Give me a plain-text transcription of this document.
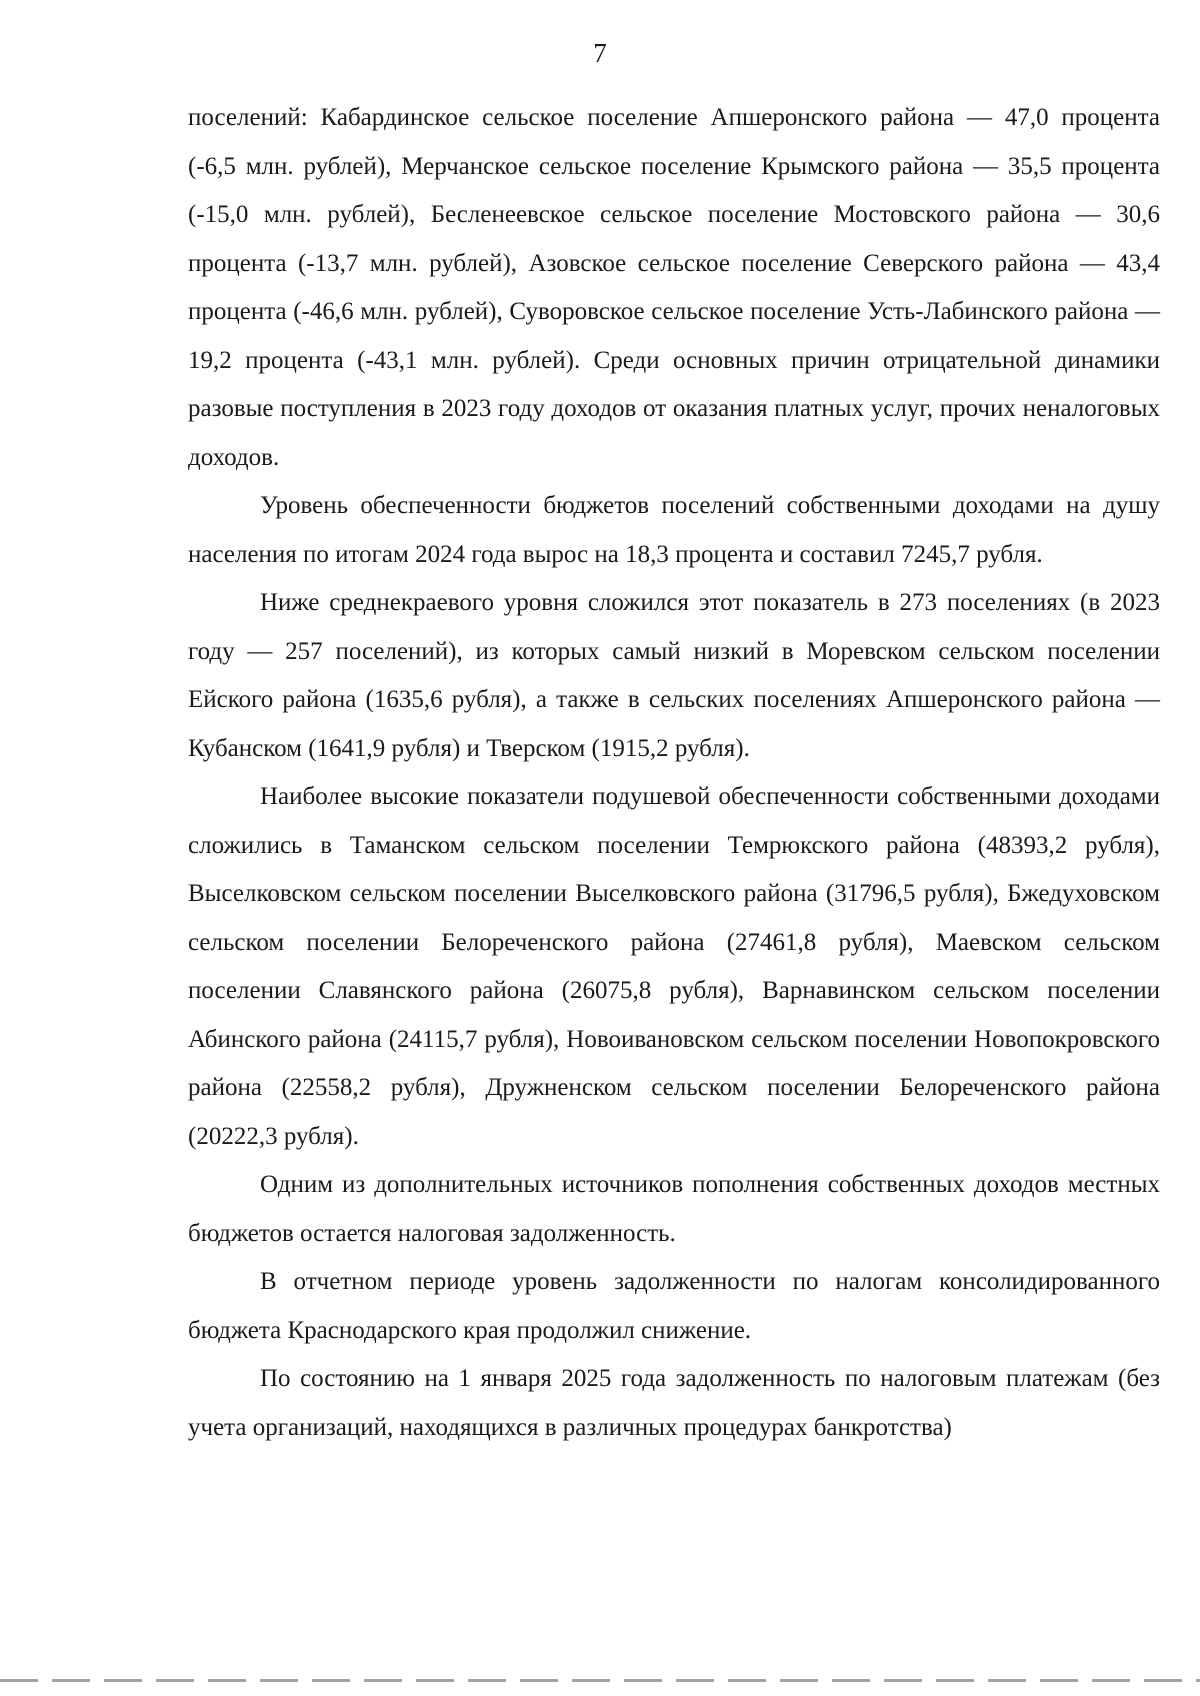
7

поселений: Кабардинское сельское поселение Апшеронского района — 47,0 процента (-6,5 млн. рублей), Мерчанское сельское поселение Крымского района — 35,5 процента (-15,0 млн. рублей), Бесленеевское сельское поселение Мостовского района — 30,6 процента (-13,7 млн. рублей), Азовское сельское поселение Северского района — 43,4 процента (-46,6 млн. рублей), Суворовское сельское поселение Усть-Лабинского района — 19,2 процента (-43,1 млн. рублей). Среди основных причин отрицательной динамики разовые поступления в 2023 году доходов от оказания платных услуг, прочих неналоговых доходов.

Уровень обеспеченности бюджетов поселений собственными доходами на душу населения по итогам 2024 года вырос на 18,3 процента и составил 7245,7 рубля.

Ниже среднекраевого уровня сложился этот показатель в 273 поселениях (в 2023 году — 257 поселений), из которых самый низкий в Моревском сельском поселении Ейского района (1635,6 рубля), а также в сельских поселениях Апшеронского района — Кубанском (1641,9 рубля) и Тверском (1915,2 рубля).

Наиболее высокие показатели подушевой обеспеченности собственными доходами сложились в Таманском сельском поселении Темрюкского района (48393,2 рубля), Выселковском сельском поселении Выселковского района (31796,5 рубля), Бжедуховском сельском поселении Белореченского района (27461,8 рубля), Маевском сельском поселении Славянского района (26075,8 рубля), Варнавинском сельском поселении Абинского района (24115,7 рубля), Новоивановском сельском поселении Новопокровского района (22558,2 рубля), Дружненском сельском поселении Белореченского района (20222,3 рубля).

Одним из дополнительных источников пополнения собственных доходов местных бюджетов остается налоговая задолженность.

В отчетном периоде уровень задолженности по налогам консолидированного бюджета Краснодарского края продолжил снижение.

По состоянию на 1 января 2025 года задолженность по налоговым платежам (без учета организаций, находящихся в различных процедурах банкротства)
